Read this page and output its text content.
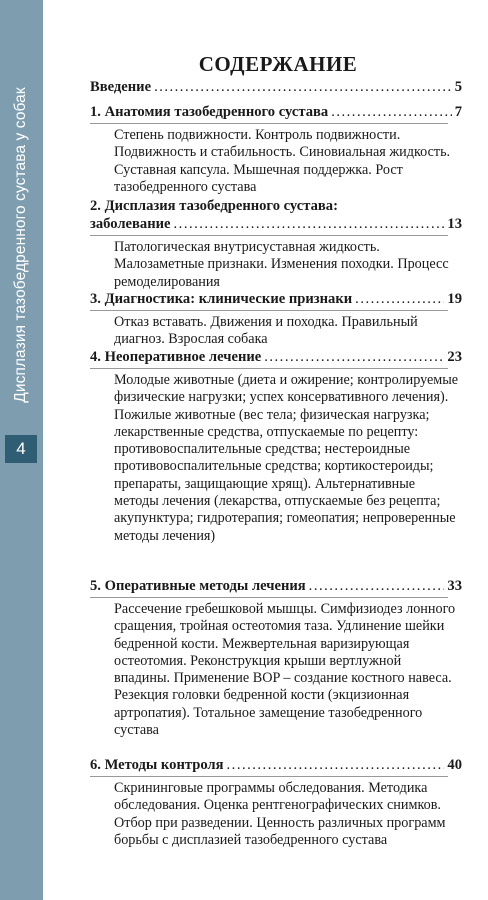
Дисплазия тазобедренного сустава у собак
4
СОДЕРЖАНИЕ
Введение .....	5
1. Анатомия тазобедренного сустава .....	7
Степень подвижности. Контроль подвижности. Подвижность и стабильность. Синовиальная жидкость. Суставная капсула. Мышечная поддержка. Рост тазобедренного сустава
2. Дисплазия тазобедренного сустава:
заболевание .....	13
Патологическая внутрисуставная жидкость. Малозаметные признаки. Изменения походки. Процесс ремоделирования
3. Диагностика: клинические признаки .....	19
Отказ вставать. Движения и походка. Правильный диагноз. Взрослая собака
4. Неоперативное лечение .....	23
Молодые животные (диета и ожирение; контролируемые физические нагрузки; успех консервативного лечения). Пожилые животные (вес тела; физическая нагрузка; лекарственные средства, отпускаемые по рецепту: противовоспалительные средства; нестероидные противовоспалительные средства; кортикостероиды; препараты, защищающие хрящ). Альтернативные методы лечения (лекарства, отпускаемые без рецепта; акупунктура; гидротерапия; гомеопатия; непроверенные методы лечения)
5. Оперативные методы лечения .....	33
Рассечение гребешковой мышцы. Симфизиодез лонного сращения, тройная остеотомия таза. Удлинение шейки бедренной кости. Межвертельная варизирующая остеотомия. Реконструкция крыши вертлужной впадины. Применение BOP – создание костного навеса. Резекция головки бедренной кости (экцизионная артропатия). Тотальное замещение тазобедренного сустава
6. Методы контроля .....	40
Скрининговые программы обследования. Методика обследования. Оценка рентгенографических снимков. Отбор при разведении. Ценность различных программ борьбы с дисплазией тазобедренного сустава
